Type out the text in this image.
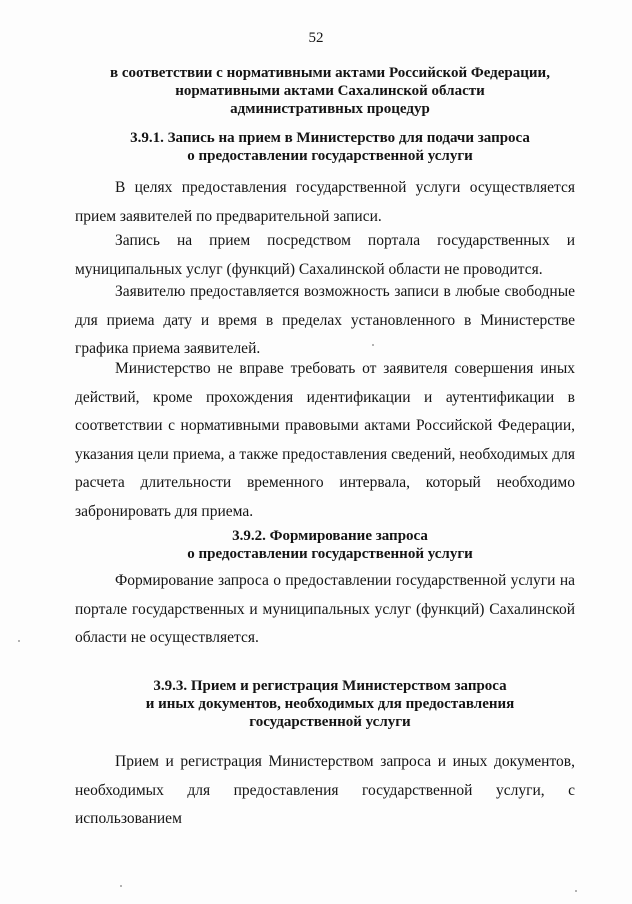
52
в соответствии с нормативными актами Российской Федерации,
нормативными актами Сахалинской области
административных процедур
3.9.1. Запись на прием в Министерство для подачи запроса
о предоставлении государственной услуги

В целях предоставления государственной услуги осуществляется прием заявителей по предварительной записи.

Запись на прием посредством портала государственных и муниципальных услуг (функций) Сахалинской области не проводится.

Заявителю предоставляется возможность записи в любые свободные для приема дату и время в пределах установленного в Министерстве графика приема заявителей.

Министерство не вправе требовать от заявителя совершения иных действий, кроме прохождения идентификации и аутентификации в соответствии с нормативными правовыми актами Российской Федерации, указания цели приема, а также предоставления сведений, необходимых для расчета длительности временного интервала, который необходимо забронировать для приема.

3.9.2. Формирование запроса
о предоставлении государственной услуги

Формирование запроса о предоставлении государственной услуги на портале государственных и муниципальных услуг (функций) Сахалинской области не осуществляется.

3.9.3. Прием и регистрация Министерством запроса
и иных документов, необходимых для предоставления
государственной услуги

Прием и регистрация Министерством запроса и иных документов, необходимых для предоставления государственной услуги, с использованием
